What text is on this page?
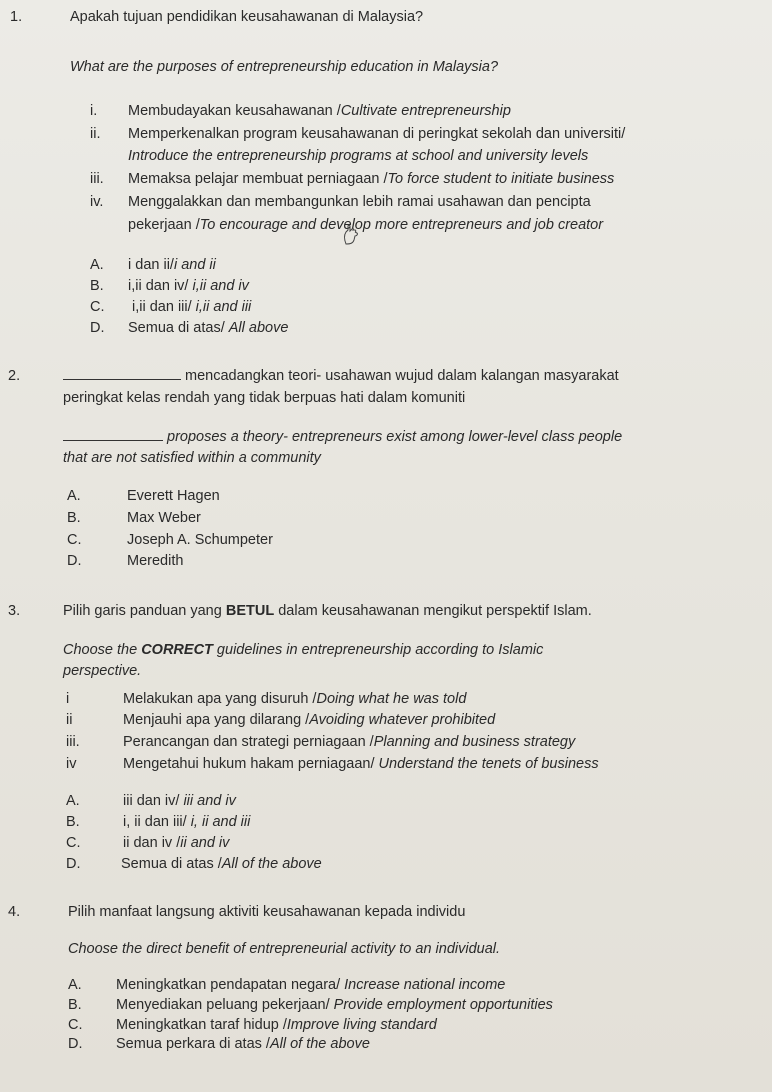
1.	Apakah tujuan pendidikan keusahawanan di Malaysia?
What are the purposes of entrepreneurship education in Malaysia?
i. Membudayakan keusahawanan /Cultivate entrepreneurship
ii. Memperkenalkan program keusahawanan di peringkat sekolah dan universiti/
Introduce the entrepreneurship programs at school and university levels
iii. Memaksa pelajar membuat perniagaan /To force student to initiate business
iv. Menggalakkan dan membangunkan lebih ramai usahawan dan pencipta
pekerjaan /To encourage and develop more entrepreneurs and job creator
A. i dan ii/i and ii
B. i,ii dan iv/ i,ii and iv
C. i,ii dan iii/ i,ii and iii
D. Semua di atas/ All above
2.	mencadangkan teori- usahawan wujud dalam kalangan masyarakat
peringkat kelas rendah yang tidak berpuas hati dalam komuniti
proposes a theory- entrepreneurs exist among lower-level class people
that are not satisfied within a community
A.	Everett Hagen
B.	Max Weber
C.	Joseph A. Schumpeter
D.	Meredith
3.	Pilih garis panduan yang BETUL dalam keusahawanan mengikut perspektif Islam.
Choose the CORRECT guidelines in entrepreneurship according to Islamic
perspective.
i	Melakukan apa yang disuruh /Doing what he was told
ii	Menjauhi apa yang dilarang /Avoiding whatever prohibited
iii.	Perancangan dan strategi perniagaan /Planning and business strategy
iv	Mengetahui hukum hakam perniagaan/ Understand the tenets of business
A.	iii dan iv/ iii and iv
B.	i, ii dan iii/ i, ii and iii
C.	ii dan iv /ii and iv
D.	Semua di atas /All of the above
4.	Pilih manfaat langsung aktiviti keusahawanan kepada individu
Choose the direct benefit of entrepreneurial activity to an individual.
A. Meningkatkan pendapatan negara/ Increase national income
B. Menyediakan peluang pekerjaan/ Provide employment opportunities
C. Meningkatkan taraf hidup /Improve living standard
D. Semua perkara di atas /All of the above
